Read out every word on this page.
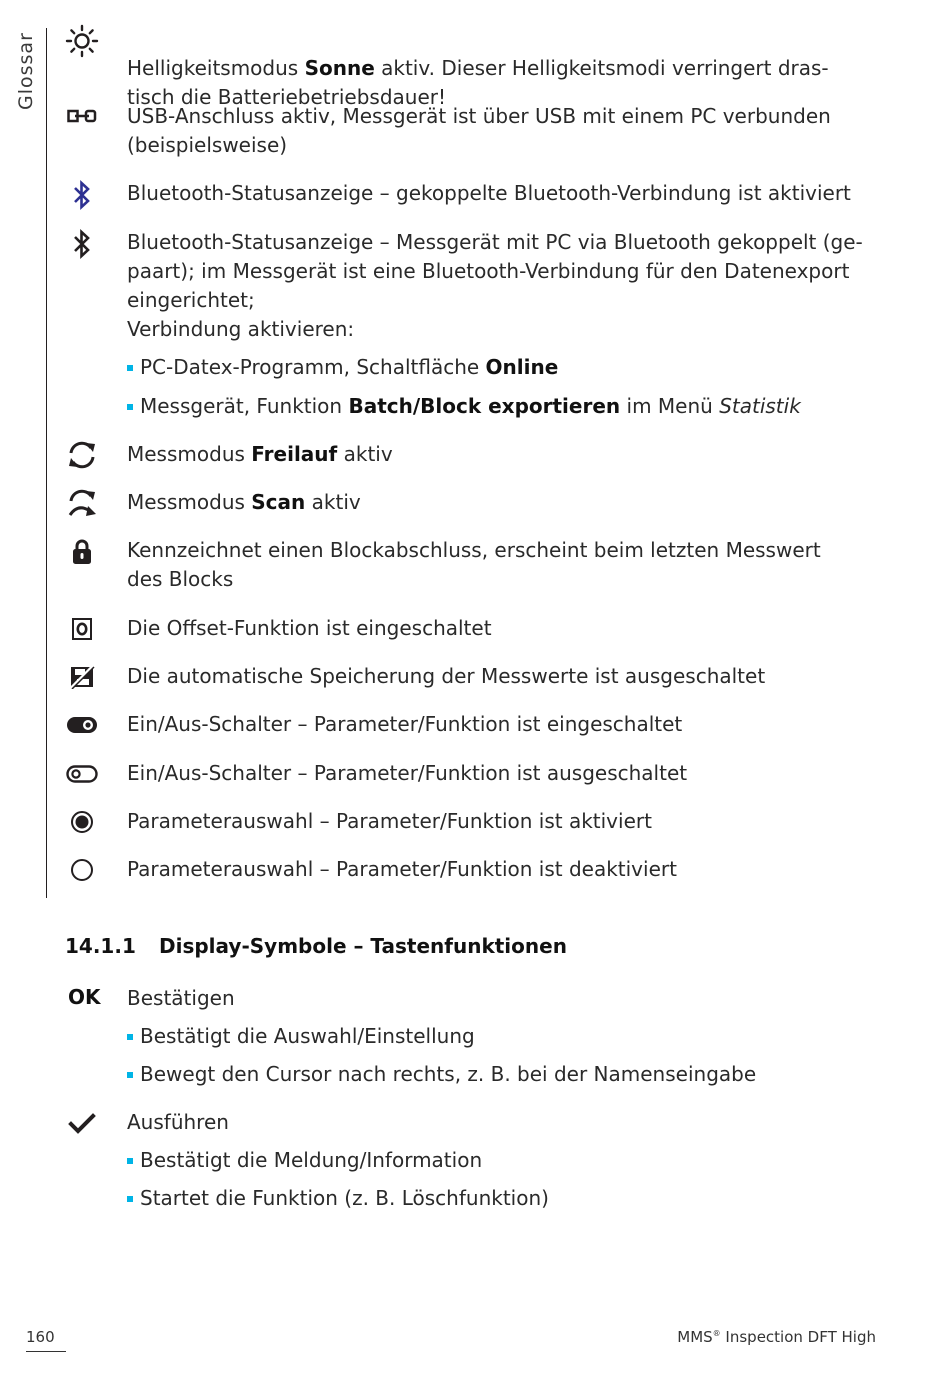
Glossar	Helligkeitsmodus Sonne aktiv. Dieser Helligkeitsmodi verringert dras-
tisch die Batteriebetriebsdauer!

USB-Anschluss aktiv, Messgerät ist über USB mit einem PC verbunden
(beispielsweise)
Bluetooth-Statusanzeige – gekoppelte Bluetooth-Verbindung ist aktiviert
Bluetooth-Statusanzeige – Messgerät mit PC via Bluetooth gekoppelt (ge-
paart); im Messgerät ist eine Bluetooth-Verbindung für den Datenexport
eingerichtet;
Verbindung aktivieren:
PC-Datex-Programm, Schaltfläche Online
Messgerät, Funktion Batch/Block exportieren im Menü Statistik
Messmodus Freilauf aktiv
Messmodus Scan aktiv
Kennzeichnet einen Blockabschluss, erscheint beim letzten Messwert
des Blocks
Die Offset-Funktion ist eingeschaltet
Die automatische Speicherung der Messwerte ist ausgeschaltet
Ein/Aus-Schalter – Parameter/Funktion ist eingeschaltet
Ein/Aus-Schalter – Parameter/Funktion ist ausgeschaltet
Parameterauswahl – Parameter/Funktion ist aktiviert
Parameterauswahl – Parameter/Funktion ist deaktiviert
14.1.1 Display-Symbole – Tastenfunktionen
OK Bestätigen
Bestätigt die Auswahl/Einstellung
Bewegt den Cursor nach rechts, z. B. bei der Namenseingabe
Ausführen
Bestätigt die Meldung/Information
Startet die Funktion (z. B. Löschfunktion)
160	MMS® Inspection DFT High
